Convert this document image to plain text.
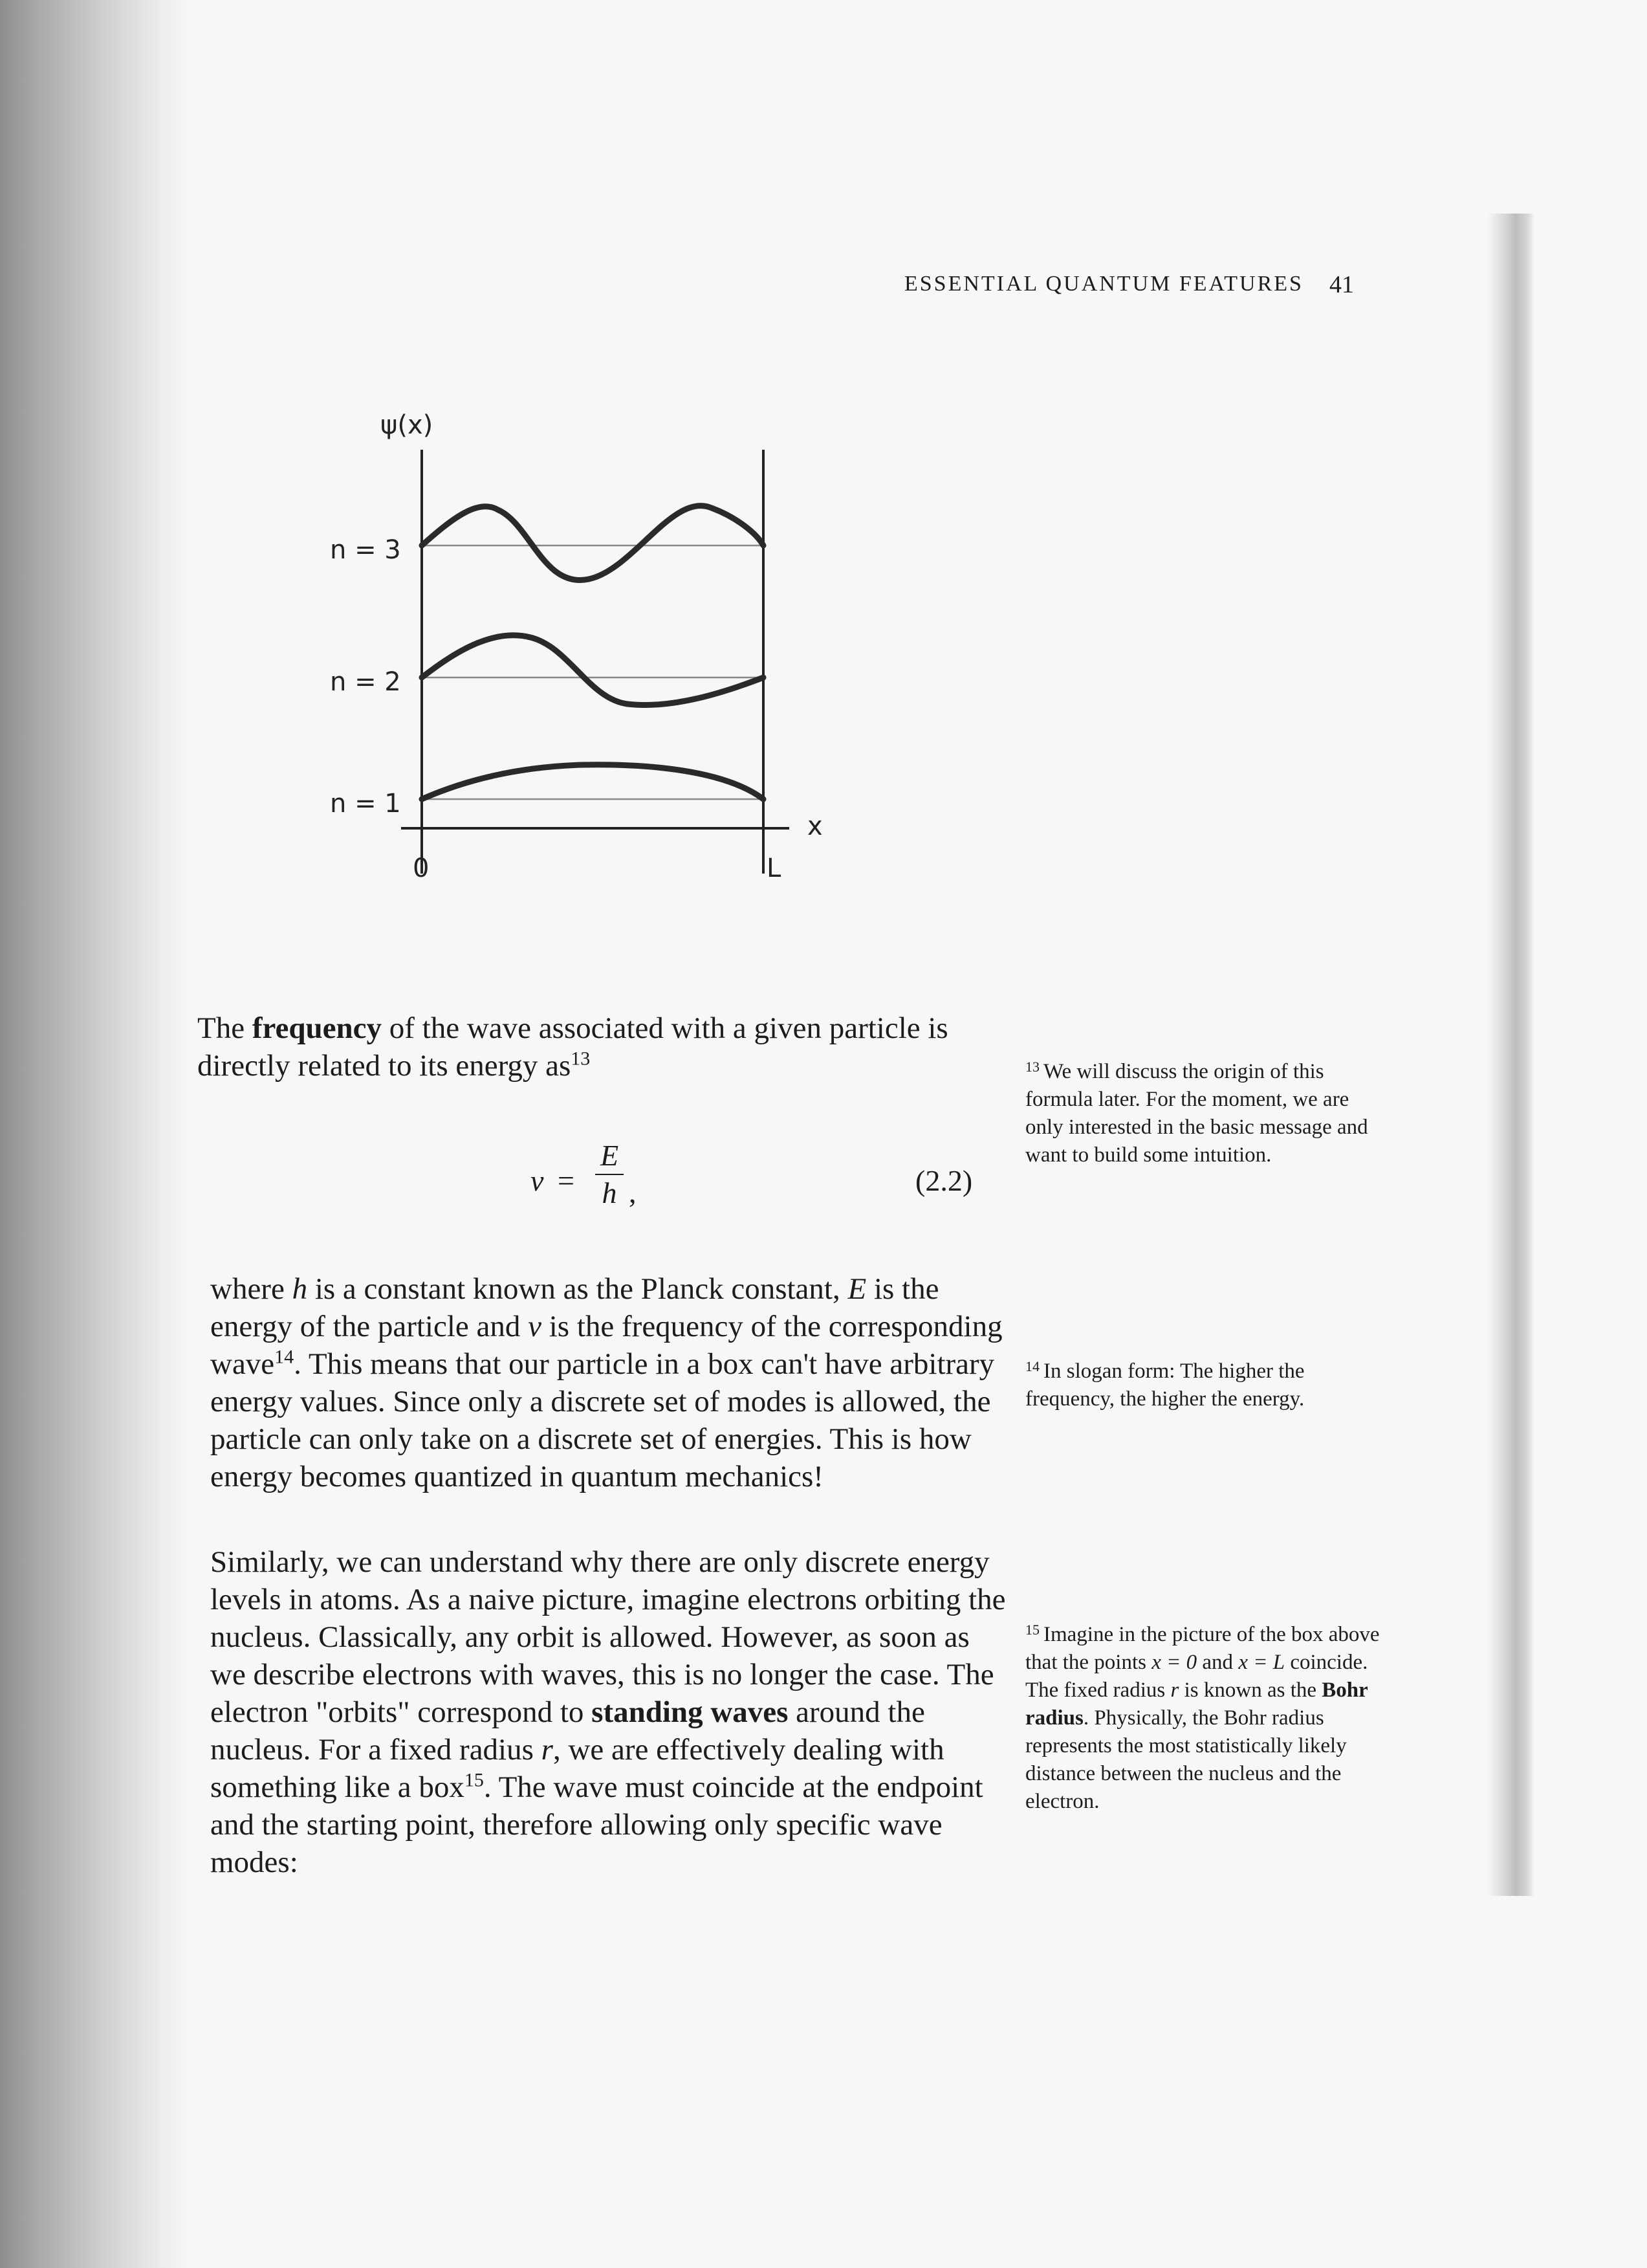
ESSENTIAL QUANTUM FEATURES 41
ψ(x)
x
0	L
n = 3
n = 2
n = 1
The frequency of the wave associated with a given particle is directly related to its energy $as^{13}$
ν =
E
h ,	(2.2)
where h is a constant known as the Planck constant, E is the energy of the particle and ν is the frequency of the corresponding wave$^{14}$. This means that our particle in a box can't have arbitrary energy values. Since only a discrete set of modes is allowed, the particle can only take on a discrete set of energies. This is how energy becomes quantized in quantum mechanics!
Similarly, we can understand why there are only discrete energy levels in atoms. As a naive picture, imagine electrons orbiting the nucleus. Classically, any orbit is allowed. However, as soon as we describe electrons with waves, this is no longer the case. The electron "orbits" correspond to standing waves around the nucleus. For a fixed radius r, we are effectively dealing with something like a box$^{15}$. The wave must coincide at the endpoint and the starting point, therefore allowing only specific wave modes:
$^{13}$ We will discuss the origin of this formula later. For the moment, we are only interested in the basic message and want to build some intuition.
$^{14}$ In slogan form: The higher the frequency, the higher the energy.
$^{15}$ Imagine in the picture of the box above that the points x = 0 and x = L coincide. The fixed radius r is known as the Bohr radius. Physically, the Bohr radius represents the most statistically likely distance between the nucleus and the electron.
